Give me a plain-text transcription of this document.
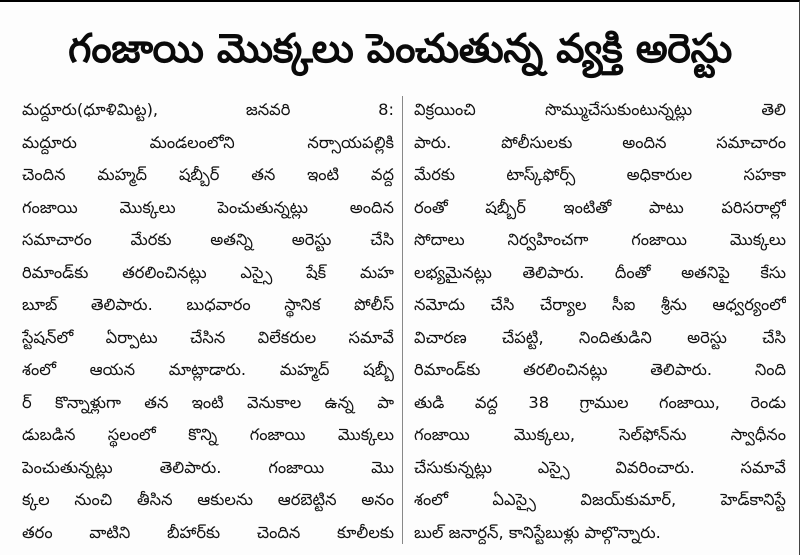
గంజాయి మొక్కలు పెంచుతున్న వ్యక్తి అరెస్టు
మద్దూరు(ధూళిమిట్ట), జనవరి 8:
మద్దూరు మండలంలోని నర్సాయపల్లికి
చెందిన మహ్మద్ షబ్బీర్ తన ఇంటి వద్ద
గంజాయి మొక్కలు పెంచుతున్నట్లు అందిన
సమాచారం మేరకు అతన్ని అరెస్టు చేసి
రిమాండ్‌కు తరలించినట్లు ఎస్సై షేక్ మహ
బూబ్ తెలిపారు. బుధవారం స్థానిక పోలీస్
స్టేషన్‌లో ఏర్పాటు చేసిన విలేకరుల సమావే
శంలో ఆయన మాట్లాడారు. మహ్మద్ షబ్బీ
ర్ కొన్నాళ్లుగా తన ఇంటి వెనుకాల ఉన్న పా
డుబడిన స్థలంలో కొన్ని గంజాయి మొక్కలు
పెంచుతున్నట్లు తెలిపారు. గంజాయి మొ
క్కల నుంచి తీసిన ఆకులను ఆరబెట్టిన అనం
తరం వాటిని బీహార్‌కు చెందిన కూలీలకు
విక్రయించి సొమ్ముచేసుకుంటున్నట్లు తెలి
పారు. పోలీసులకు అందిన సమాచారం
మేరకు టాస్క్‌ఫోర్స్ అధికారుల సహకా
రంతో షబ్బీర్ ఇంటితో పాటు పరిసరాల్లో
సోదాలు నిర్వహించగా గంజాయి మొక్కలు
లభ్యమైనట్లు తెలిపారు. దీంతో అతనిపై కేసు
నమోదు చేసి చేర్యాల సీఐ శ్రీను ఆధ్వర్యంలో
విచారణ చేపట్టి, నిందితుడిని అరెస్టు చేసి
రిమాండ్‌కు తరలించినట్లు తెలిపారు. నింది
తుడి వద్ద 38 గ్రాముల గంజాయి, రెండు
గంజాయి మొక్కలు, సెల్‌ఫోన్‌ను స్వాధీనం
చేసుకున్నట్లు ఎస్సై వివరించారు. సమావే
శంలో ఏఎస్సై విజయ్‌కుమార్, హెడ్‌కానిస్టే
బుల్ జనార్దన్, కానిస్టేబుళ్లు పాల్గొన్నారు.
